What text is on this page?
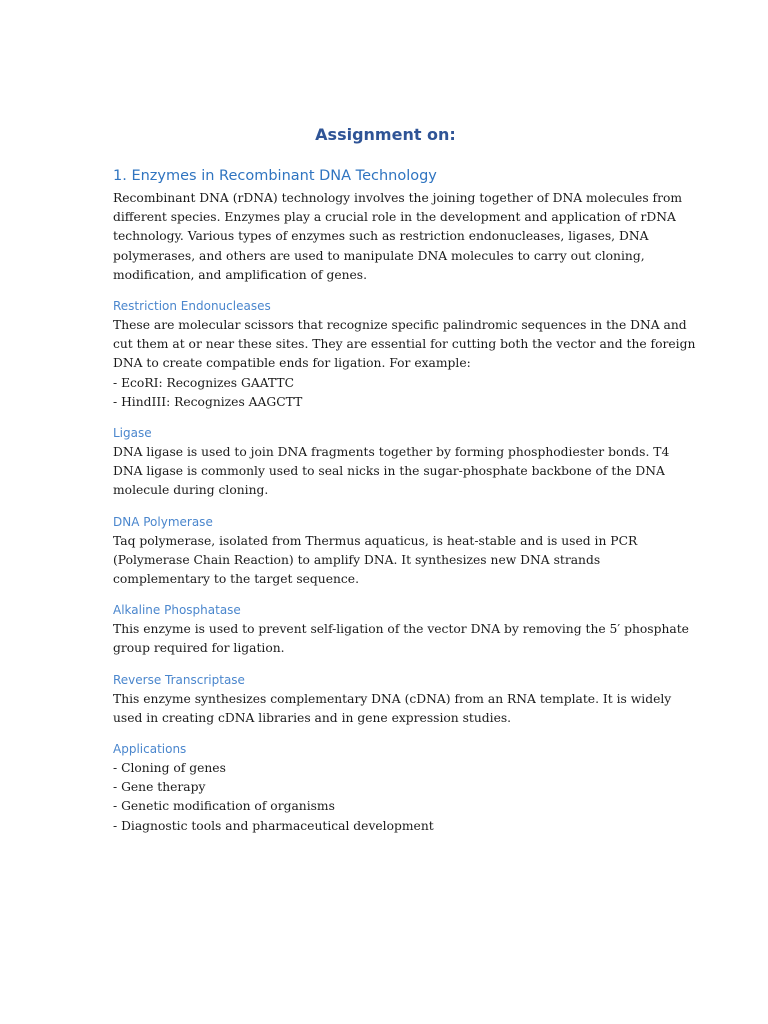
Assignment on:
1. Enzymes in Recombinant DNA Technology
Recombinant DNA (rDNA) technology involves the joining together of DNA molecules from
different species. Enzymes play a crucial role in the development and application of rDNA
technology. Various types of enzymes such as restriction endonucleases, ligases, DNA
polymerases, and others are used to manipulate DNA molecules to carry out cloning,
modification, and amplification of genes.
Restriction Endonucleases
These are molecular scissors that recognize specific palindromic sequences in the DNA and
cut them at or near these sites. They are essential for cutting both the vector and the foreign
DNA to create compatible ends for ligation. For example:
- EcoRI: Recognizes GAATTC
- HindIII: Recognizes AAGCTT
Ligase
DNA ligase is used to join DNA fragments together by forming phosphodiester bonds. T4
DNA ligase is commonly used to seal nicks in the sugar-phosphate backbone of the DNA
molecule during cloning.
DNA Polymerase
Taq polymerase, isolated from Thermus aquaticus, is heat-stable and is used in PCR
(Polymerase Chain Reaction) to amplify DNA. It synthesizes new DNA strands
complementary to the target sequence.
Alkaline Phosphatase
This enzyme is used to prevent self-ligation of the vector DNA by removing the 5′ phosphate
group required for ligation.
Reverse Transcriptase
This enzyme synthesizes complementary DNA (cDNA) from an RNA template. It is widely
used in creating cDNA libraries and in gene expression studies.
Applications
- Cloning of genes
- Gene therapy
- Genetic modification of organisms
- Diagnostic tools and pharmaceutical development
